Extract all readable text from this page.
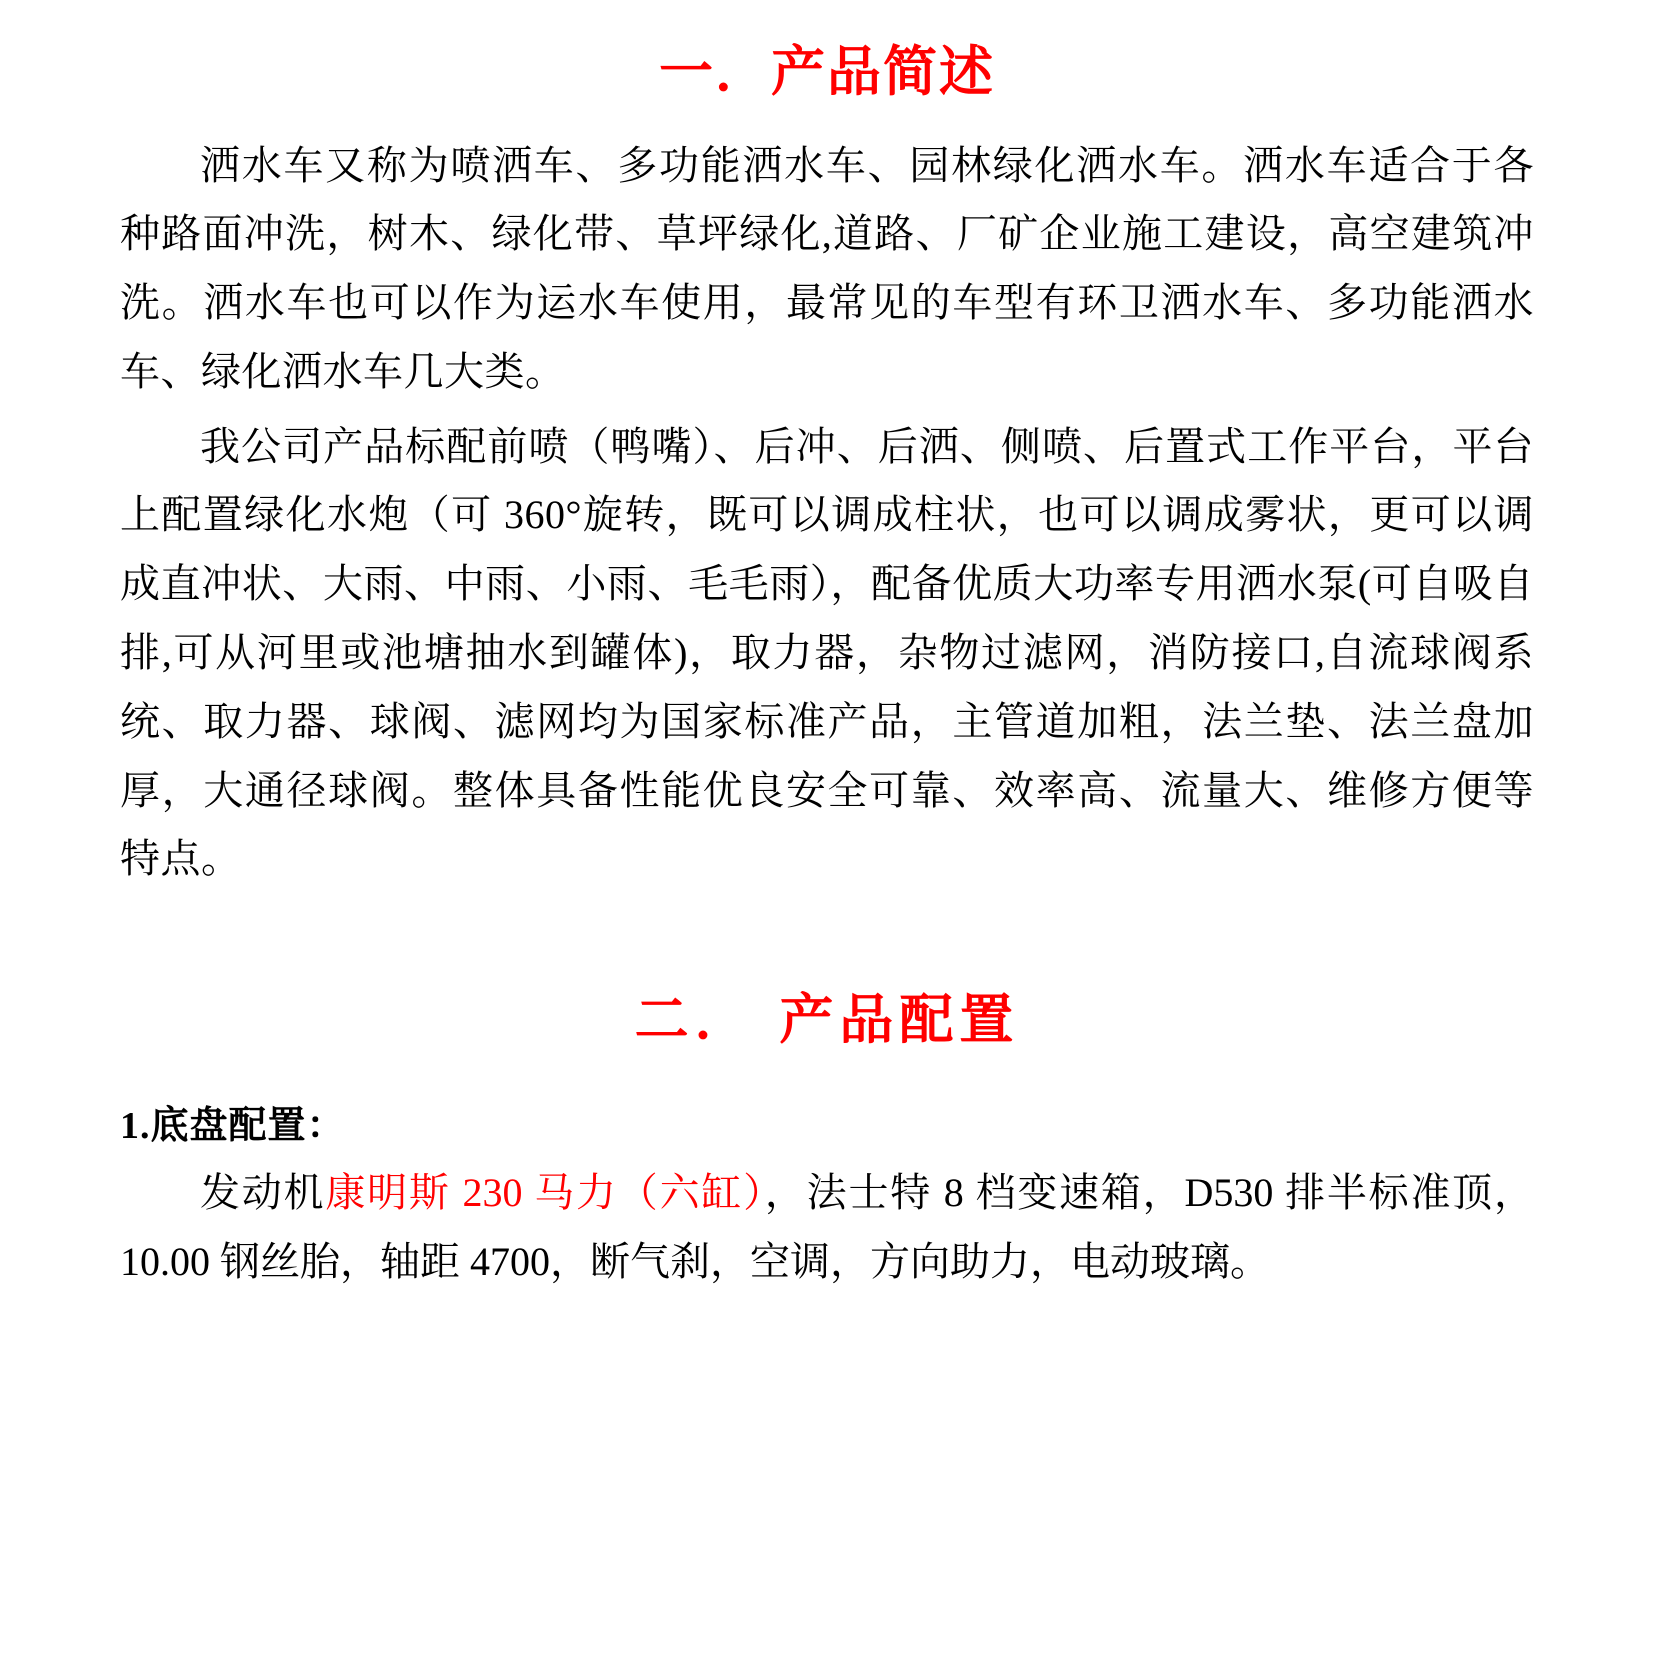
一．产品简述

洒水车又称为喷洒车、多功能洒水车、园林绿化洒水车。洒水车适合于各种路面冲洗，树木、绿化带、草坪绿化,道路、厂矿企业施工建设，高空建筑冲洗。洒水车也可以作为运水车使用，最常见的车型有环卫洒水车、多功能洒水车、绿化洒水车几大类。

我公司产品标配前喷（鸭嘴）、后冲、后洒、侧喷、后置式工作平台，平台上配置绿化水炮（可 360°旋转，既可以调成柱状，也可以调成雾状，更可以调成直冲状、大雨、中雨、小雨、毛毛雨），配备优质大功率专用洒水泵(可自吸自排,可从河里或池塘抽水到罐体)，取力器，杂物过滤网，消防接口,自流球阀系统、取力器、球阀、滤网均为国家标准产品，主管道加粗，法兰垫、法兰盘加厚，大通径球阀。整体具备性能优良安全可靠、效率高、流量大、维修方便等特点。

二． 产品配置
1.底盘配置：

发动机康明斯 230 马力（六缸），法士特 8 档变速箱，D530 排半标准顶，10.00 钢丝胎，轴距 4700，断气刹，空调，方向助力，电动玻璃。
